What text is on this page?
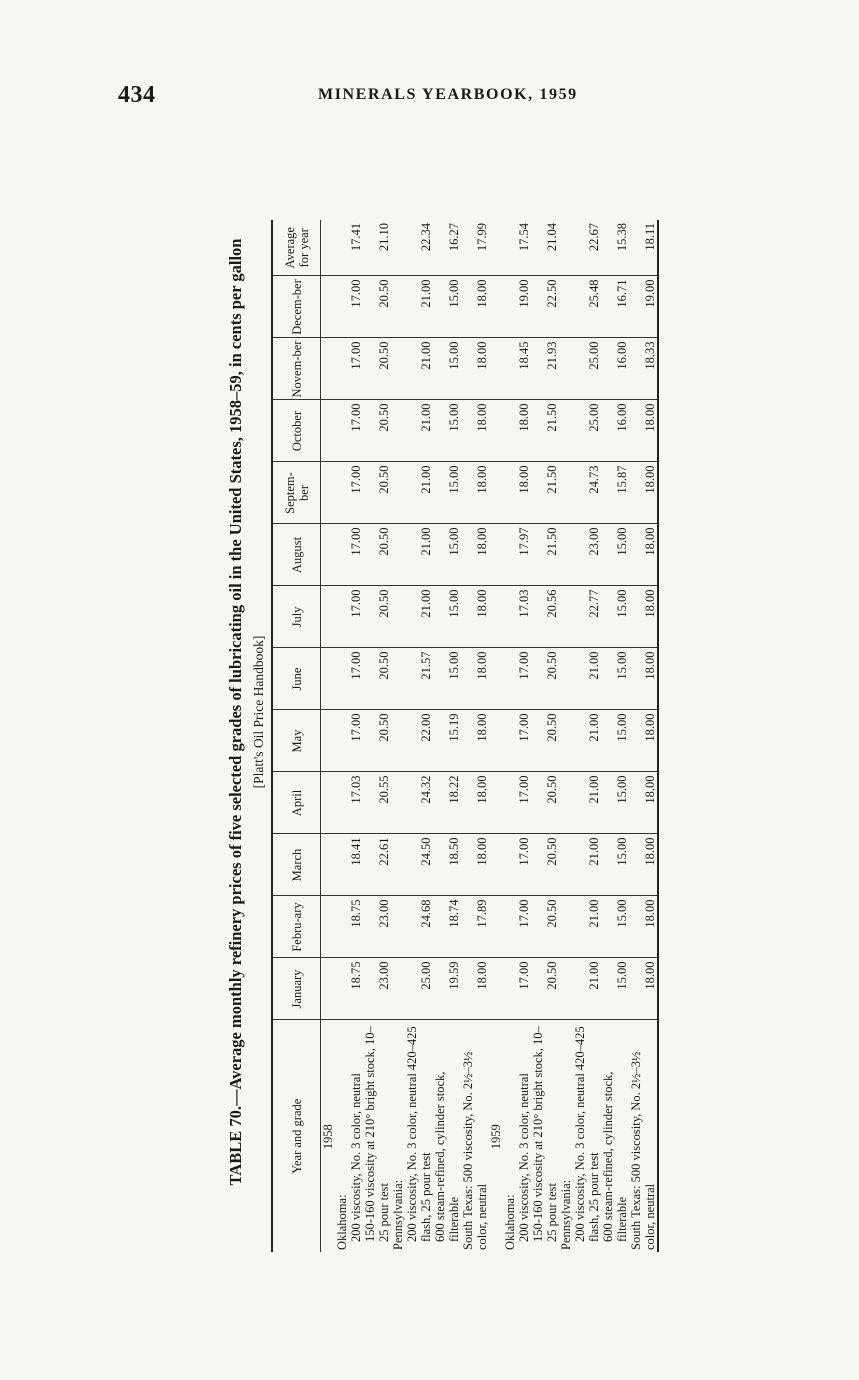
434	MINERALS YEARBOOK, 1959
TABLE 70.—Average monthly refinery prices of five selected grades of lubricating oil in the United States, 1958–59, in cents per gallon [Platt's Oil Price Handbook]
Year and grade	January	Febru-ary	March	April	May	June	July	August	Septem-ber	October	Novem-ber	Decem-ber	Average for year
1958													
Oklahoma:													
200 viscosity, No. 3 color, neutral	18.75	18.75	18.41	17.03	17.00	17.00	17.00	17.00	17.00	17.00	17.00	17.00	17.41
150-160 viscosity at 210° bright stock, 10–25 pour test	23.00	23.00	22.61	20.55	20.50	20.50	20.50	20.50	20.50	20.50	20.50	20.50	21.10
Pennsylvania:													
200 viscosity, No. 3 color, neutral 420–425 flash, 25 pour test	25.00	24.68	24.50	24.32	22.00	21.57	21.00	21.00	21.00	21.00	21.00	21.00	22.34
600 steam-refined, cylinder stock, filterable	19.59	18.74	18.50	18.22	15.19	15.00	15.00	15.00	15.00	15.00	15.00	15.00	16.27
South Texas: 500 viscosity, No. 2½–3½ color, neutral	18.00	17.89	18.00	18.00	18.00	18.00	18.00	18.00	18.00	18.00	18.00	18.00	17.99
1959													
Oklahoma:													
200 viscosity, No. 3 color, neutral	17.00	17.00	17.00	17.00	17.00	17.00	17.03	17.97	18.00	18.00	18.45	19.00	17.54
150-160 viscosity at 210° bright stock, 10–25 pour test	20.50	20.50	20.50	20.50	20.50	20.50	20.56	21.50	21.50	21.50	21.93	22.50	21.04
Pennsylvania:													
200 viscosity, No. 3 color, neutral 420–425 flash, 25 pour test	21.00	21.00	21.00	21.00	21.00	21.00	22.77	23.00	24.73	25.00	25.00	25.48	22.67
600 steam-refined, cylinder stock, filterable	15.00	15.00	15.00	15.00	15.00	15.00	15.00	15.00	15.87	16.00	16.00	16.71	15.38
South Texas: 500 viscosity, No. 2½–3½ color, neutral	18.00	18.00	18.00	18.00	18.00	18.00	18.00	18.00	18.00	18.00	18.33	19.00	18.11
